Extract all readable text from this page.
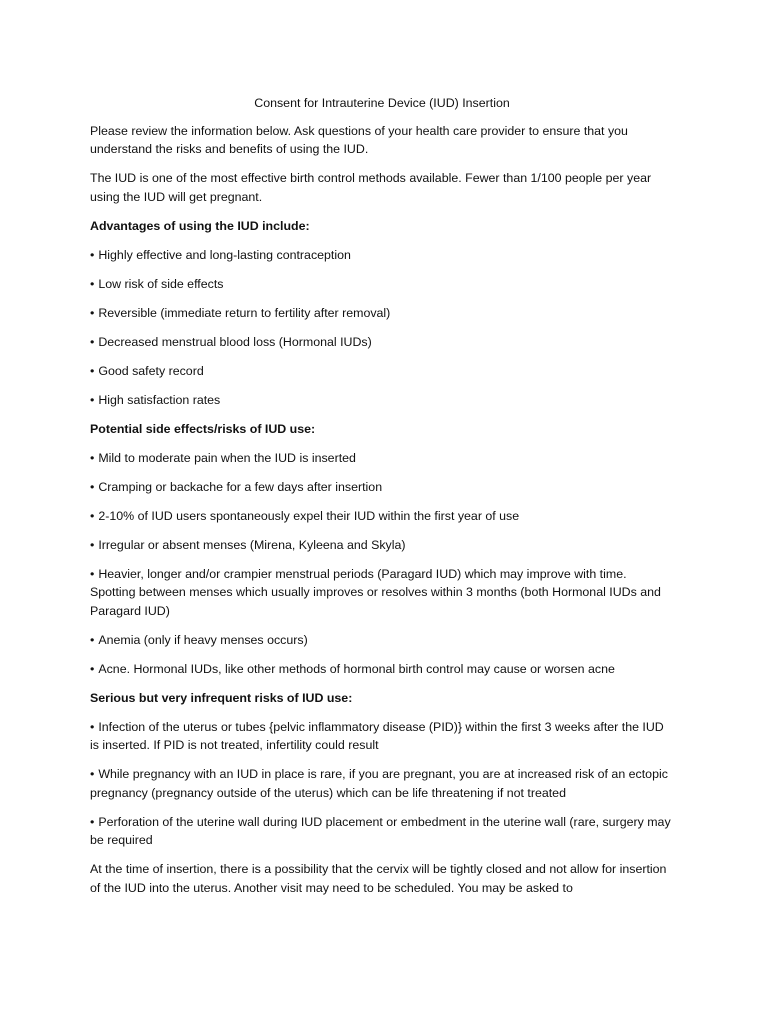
Consent for Intrauterine Device (IUD) Insertion

Please review the information below. Ask questions of your health care provider to ensure that you understand the risks and benefits of using the IUD.

The IUD is one of the most effective birth control methods available. Fewer than 1/100 people per year using the IUD will get pregnant.

Advantages of using the IUD include:

• Highly effective and long-lasting contraception
• Low risk of side effects
• Reversible (immediate return to fertility after removal)
• Decreased menstrual blood loss (Hormonal IUDs)
• Good safety record
• High satisfaction rates

Potential side effects/risks of IUD use:

• Mild to moderate pain when the IUD is inserted
• Cramping or backache for a few days after insertion
• 2-10% of IUD users spontaneously expel their IUD within the first year of use
• Irregular or absent menses (Mirena, Kyleena and Skyla)
• Heavier, longer and/or crampier menstrual periods (Paragard IUD) which may improve with time. Spotting between menses which usually improves or resolves within 3 months (both Hormonal IUDs and Paragard IUD)
• Anemia (only if heavy menses occurs)
• Acne. Hormonal IUDs, like other methods of hormonal birth control may cause or worsen acne

Serious but very infrequent risks of IUD use:

• Infection of the uterus or tubes {pelvic inflammatory disease (PID)} within the first 3 weeks after the IUD is inserted. If PID is not treated, infertility could result
• While pregnancy with an IUD in place is rare, if you are pregnant, you are at increased risk of an ectopic pregnancy (pregnancy outside of the uterus) which can be life threatening if not treated
• Perforation of the uterine wall during IUD placement or embedment in the uterine wall (rare, surgery may be required

At the time of insertion, there is a possibility that the cervix will be tightly closed and not allow for insertion of the IUD into the uterus. Another visit may need to be scheduled. You may be asked to
